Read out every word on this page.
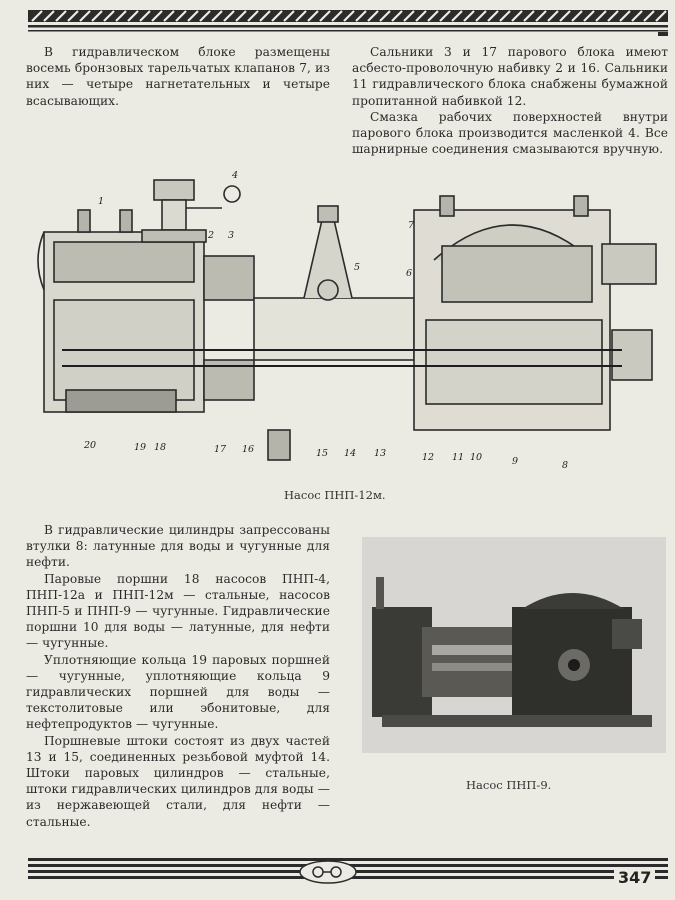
В гидравлическом блоке размещены восемь бронзовых тарельчатых клапанов 7, из них — четыре нагнетательных и четыре всасывающих.

Сальники 3 и 17 парового блока имеют асбесто-проволочную набивку 2 и 16. Сальники 11 гидравлического блока снабжены бумажной пропитанной набивкой 12.

Смазка рабочих поверхностей внутри парового блока производится масленкой 4. Все шарнирные соединения смазываются вручную.

1
2 3
4
5
6
7
8
9
10
11
12
13
14
15
16
17
18
19
20
Насос ПНП-12м.

В гидравлические цилиндры запрессованы втулки 8: латунные для воды и чугунные для нефти.

Паровые поршни 18 насосов ПНП-4, ПНП-12а и ПНП-12м — стальные, насосов ПНП-5 и ПНП-9 — чугунные. Гидравлические поршни 10 для воды — латунные, для нефти — чугунные.

Уплотняющие кольца 19 паровых поршней — чугунные, уплотняющие кольца 9 гидравлических поршней для воды — текстолитовые или эбонитовые, для нефтепродуктов — чугунные.

Поршневые штоки состоят из двух частей 13 и 15, соединенных резьбовой муфтой 14. Штоки паровых цилиндров — стальные, штоки гидравлических цилиндров для воды — из нержавеющей стали, для нефти — стальные.

Насос ПНП-9.
347
